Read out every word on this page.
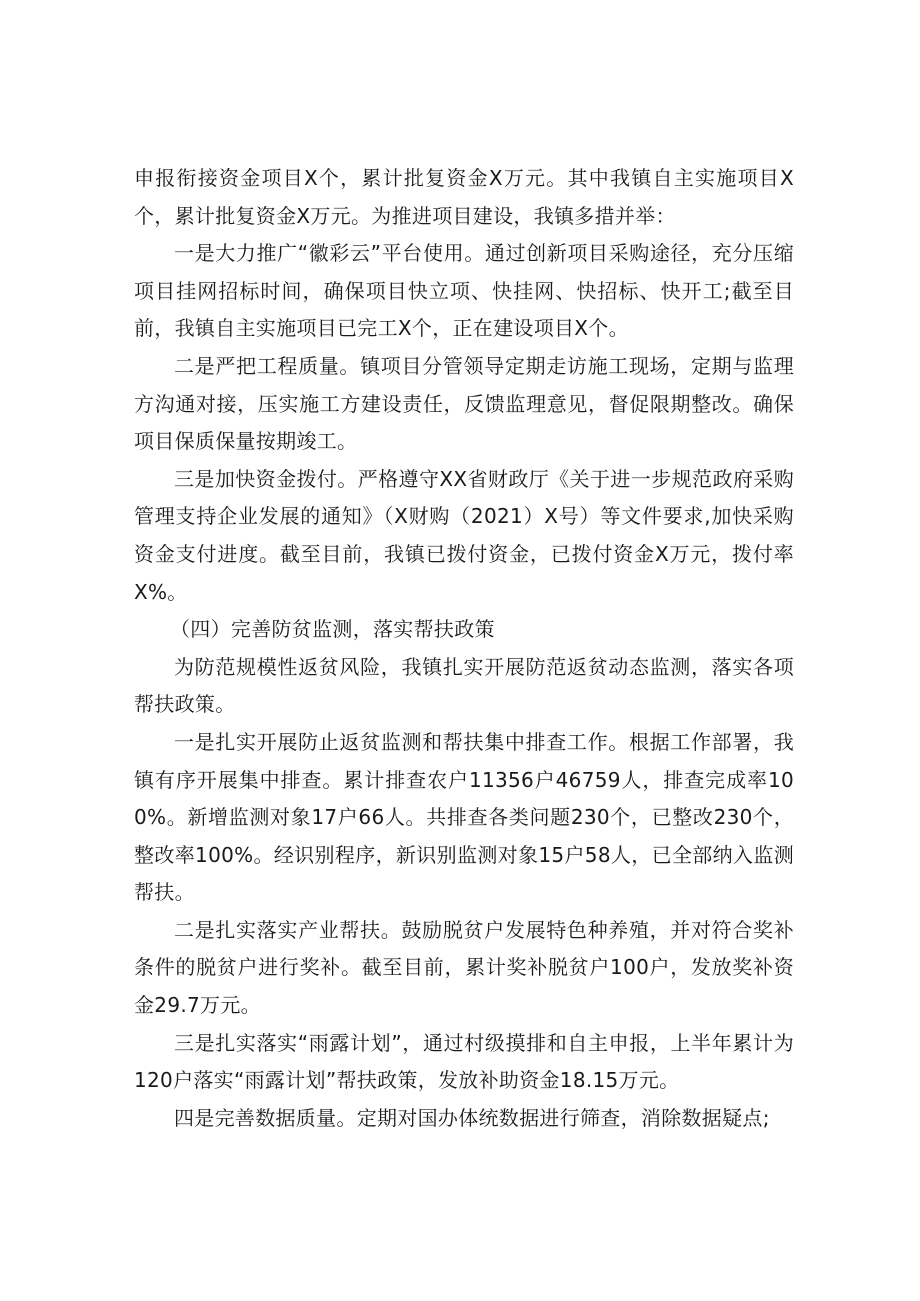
申报衔接资金项目X个，累计批复资金X万元。其中我镇自主实施项目X个，累计批复资金X万元。为推进项目建设，我镇多措并举：

一是大力推广“徽彩云”平台使用。通过创新项目采购途径，充分压缩项目挂网招标时间，确保项目快立项、快挂网、快招标、快开工;截至目前，我镇自主实施项目已完工X个，正在建设项目X个。

二是严把工程质量。镇项目分管领导定期走访施工现场，定期与监理方沟通对接，压实施工方建设责任，反馈监理意见，督促限期整改。确保项目保质保量按期竣工。

三是加快资金拨付。严格遵守XX省财政厅《关于进一步规范政府采购管理支持企业发展的通知》（X财购（2021）X号）等文件要求,加快采购资金支付进度。截至目前，我镇已拨付资金，已拨付资金X万元，拨付率X%。

（四）完善防贫监测，落实帮扶政策

为防范规模性返贫风险，我镇扎实开展防范返贫动态监测，落实各项帮扶政策。

一是扎实开展防止返贫监测和帮扶集中排查工作。根据工作部署，我镇有序开展集中排查。累计排查农户11356户46759人，排查完成率100%。新增监测对象17户66人。共排查各类问题230个，已整改230个，整改率100%。经识别程序，新识别监测对象15户58人，已全部纳入监测帮扶。

二是扎实落实产业帮扶。鼓励脱贫户发展特色种养殖，并对符合奖补条件的脱贫户进行奖补。截至目前，累计奖补脱贫户100户，发放奖补资金29.7万元。

三是扎实落实“雨露计划”，通过村级摸排和自主申报，上半年累计为120户落实“雨露计划”帮扶政策，发放补助资金18.15万元。

四是完善数据质量。定期对国办体统数据进行筛查，消除数据疑点;
